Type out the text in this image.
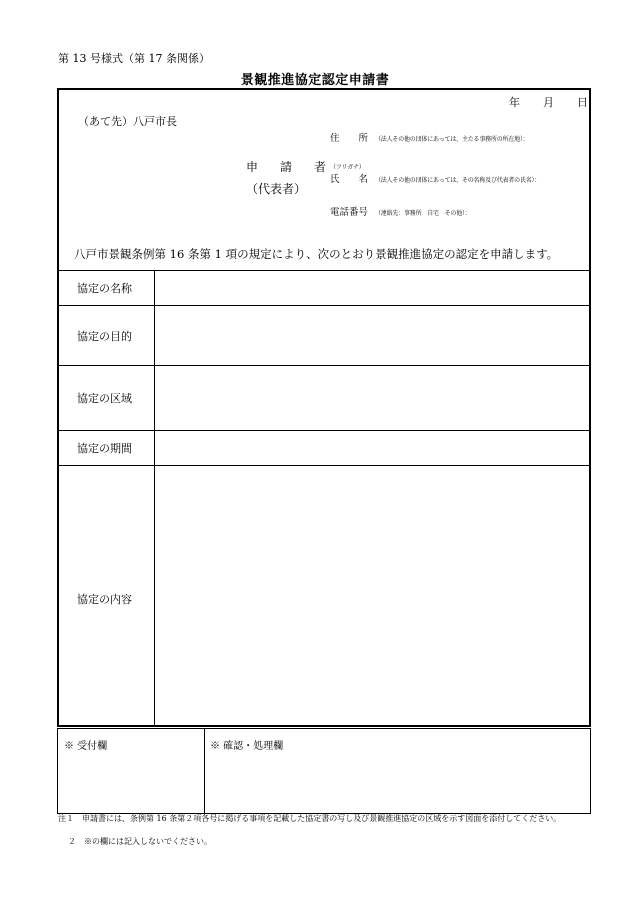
第 13 号様式（第 17 条関係）
景観推進協定認定申請書
年 月 日
（あて先）八戸市長
住　　所 （法人その他の団体にあっては、主たる事務所の所在地）：
申　請　者
（代表者）
（フリガナ）
氏　　名 （法人その他の団体にあっては、その名称及び代表者の氏名）：
電話番号 （連絡先：事務所　自宅　その他）：
八戸市景観条例第 16 条第 1 項の規定により、次のとおり景観推進協定の認定を申請します。
協定の名称
協定の目的
協定の区域
協定の期間
協定の内容
※ 受付欄	※ 確認・処理欄
注１　申請書には、条例第 16 条第２項各号に掲げる事項を記載した協定書の写し及び景観推進協定の区域を示す図面を添付してください。
２　※の欄には記入しないでください。
